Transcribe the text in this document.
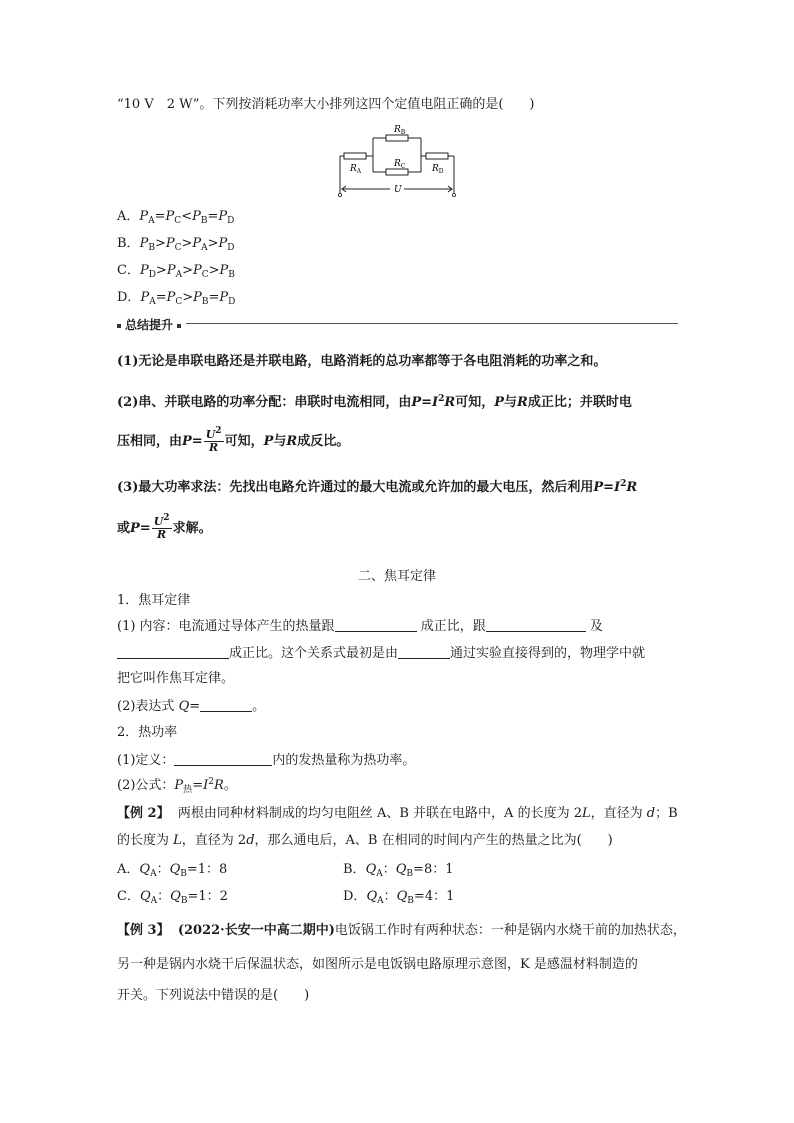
“10 V　2 W”。下列按消耗功率大小排列这四个定值电阻正确的是(　　)
$R_B$
$R_C$
$R_A$	$R_D$
U
A．$P_A=P_C<P_B=P_D$
B．$P_B>P_C>P_A>P_D$
C．$P_D>P_A>P_C>P_B$
D．$P_A=P_C>P_B=P_D$
总结提升
(1)无论是串联电路还是并联电路，电路消耗的总功率都等于各电阻消耗的功率之和。
(2)串、并联电路的功率分配：串联时电流相同，由$P=I^2R$可知，P与R成正比；并联时电
压相同，由$P= \frac{U^2}{R}$ 可知，P与R成反比。
(3)最大功率求法：先找出电路允许通过的最大电流或允许加的最大电压，然后利用$P=I^2R$
或$P= \frac{U^2}{R}$ 求解。
二、焦耳定律
1．焦耳定律
(1) 内容：电流通过导体产生的热量跟	成正比，跟	及
成正比。这个关系式最初是由	通过实验直接得到的，物理学中就
把它叫作焦耳定律。
(2)表达式 Q=	。
2．热功率
(1)定义：	内的发热量称为热功率。
(2)公式：$P_热=I^2R$。
【例 2】 两根由同种材料制成的均匀电阻丝 A、B 并联在电路中，A 的长度为 2L，直径为 d；B
的长度为 L，直径为 2d，那么通电后，A、B 在相同的时间内产生的热量之比为(　　)
A．$Q_A$：$Q_B=1$：8	B．$Q_A$：$Q_B=8$：1
C．$Q_A$：$Q_B=1$：2	D．$Q_A$：$Q_B=4$：1
【例 3】 (2022·长安一中高二期中)电饭锅工作时有两种状态：一种是锅内水烧干前的加热状态，
另一种是锅内水烧干后保温状态，如图所示是电饭锅电路原理示意图，K 是感温材料制造的
开关。下列说法中错误的是(　　)
